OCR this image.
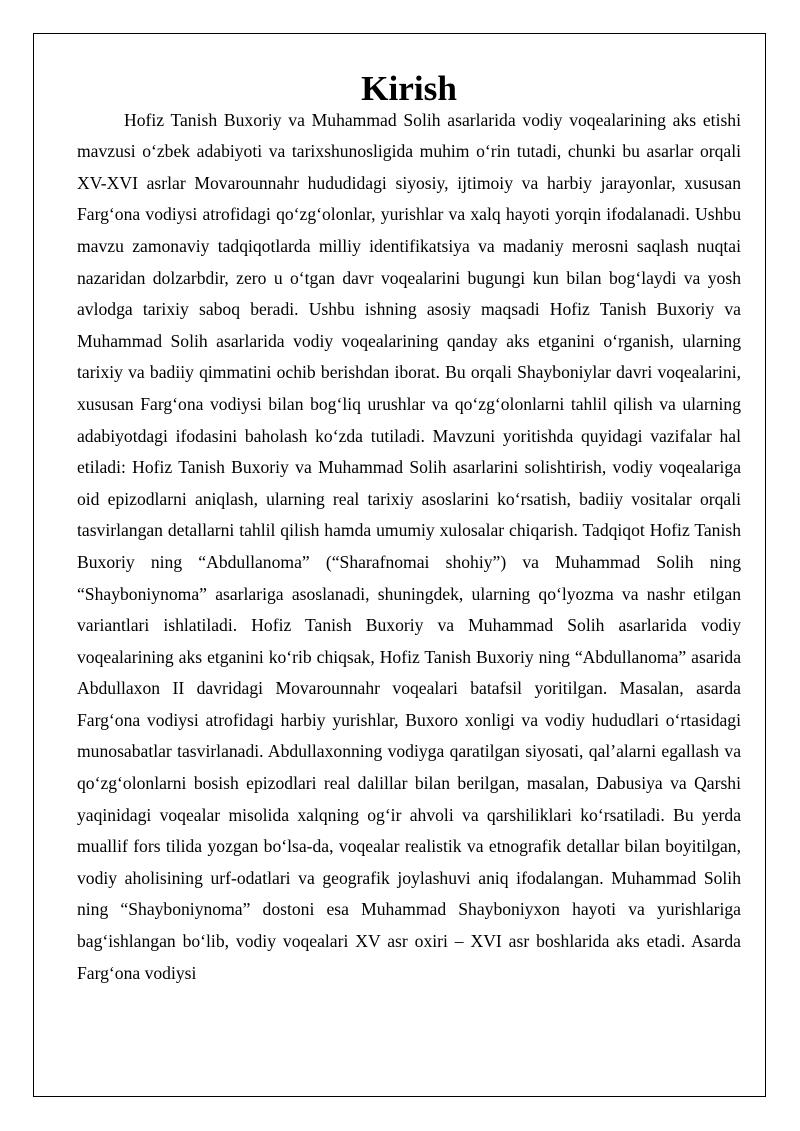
Kirish

Hofiz Tanish Buxoriy va Muhammad Solih asarlarida vodiy voqealarining aks etishi mavzusi o‘zbek adabiyoti va tarixshunosligida muhim o‘rin tutadi, chunki bu asarlar orqali XV-XVI asrlar Movarounnahr hududidagi siyosiy, ijtimoiy va harbiy jarayonlar, xususan Farg‘ona vodiysi atrofidagi qo‘zg‘olonlar, yurishlar va xalq hayoti yorqin ifodalanadi. Ushbu mavzu zamonaviy tadqiqotlarda milliy identifikatsiya va madaniy merosni saqlash nuqtai nazaridan dolzarbdir, zero u o‘tgan davr voqealarini bugungi kun bilan bog‘laydi va yosh avlodga tarixiy saboq beradi. Ushbu ishning asosiy maqsadi Hofiz Tanish Buxoriy va Muhammad Solih asarlarida vodiy voqealarining qanday aks etganini o‘rganish, ularning tarixiy va badiiy qimmatini ochib berishdan iborat. Bu orqali Shayboniylar davri voqealarini, xususan Farg‘ona vodiysi bilan bog‘liq urushlar va qo‘zg‘olonlarni tahlil qilish va ularning adabiyotdagi ifodasini baholash ko‘zda tutiladi. Mavzuni yoritishda quyidagi vazifalar hal etiladi: Hofiz Tanish Buxoriy va Muhammad Solih asarlarini solishtirish, vodiy voqealariga oid epizodlarni aniqlash, ularning real tarixiy asoslarini ko‘rsatish, badiiy vositalar orqali tasvirlangan detallarni tahlil qilish hamda umumiy xulosalar chiqarish. Tadqiqot Hofiz Tanish Buxoriy ning “Abdullanoma” (“Sharafnomai shohiy”) va Muhammad Solih ning “Shayboniynoma” asarlariga asoslanadi, shuningdek, ularning qo‘lyozma va nashr etilgan variantlari ishlatiladi. Hofiz Tanish Buxoriy va Muhammad Solih asarlarida vodiy voqealarining aks etganini ko‘rib chiqsak, Hofiz Tanish Buxoriy ning “Abdullanoma” asarida Abdullaxon II davridagi Movarounnahr voqealari batafsil yoritilgan. Masalan, asarda Farg‘ona vodiysi atrofidagi harbiy yurishlar, Buxoro xonligi va vodiy hududlari o‘rtasidagi munosabatlar tasvirlanadi. Abdullaxonning vodiyga qaratilgan siyosati, qal’alarni egallash va qo‘zg‘olonlarni bosish epizodlari real dalillar bilan berilgan, masalan, Dabusiya va Qarshi yaqinidagi voqealar misolida xalqning og‘ir ahvoli va qarshiliklari ko‘rsatiladi. Bu yerda muallif fors tilida yozgan bo‘lsa-da, voqealar realistik va etnografik detallar bilan boyitilgan, vodiy aholisining urf-odatlari va geografik joylashuvi aniq ifodalangan. Muhammad Solih ning “Shayboniynoma” dostoni esa Muhammad Shayboniyxon hayoti va yurishlariga bag‘ishlangan bo‘lib, vodiy voqealari XV asr oxiri – XVI asr boshlarida aks etadi. Asarda Farg‘ona vodiysi
